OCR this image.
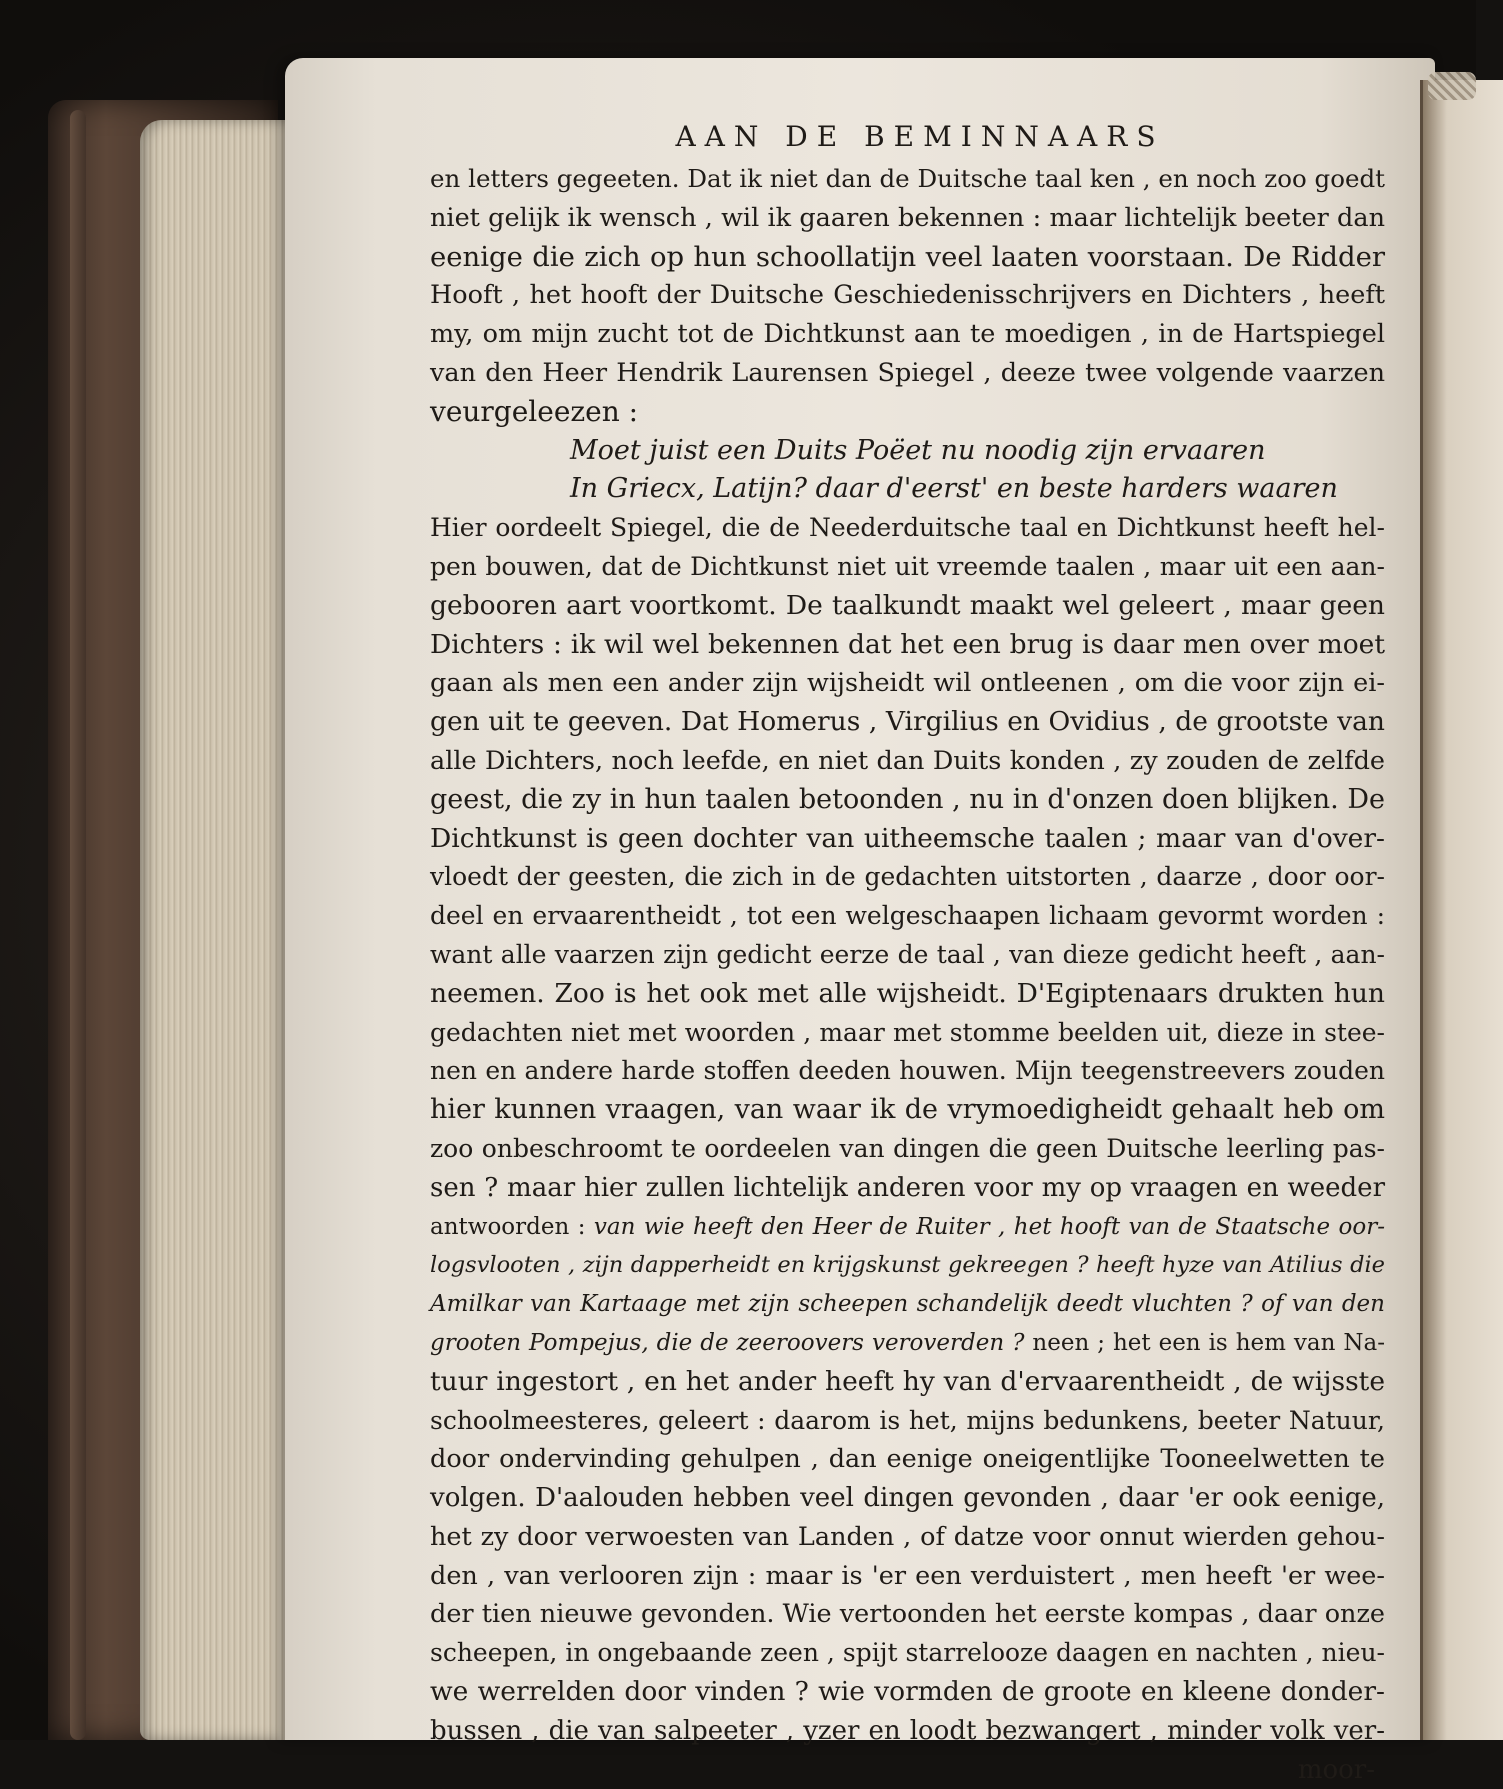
AAN DE BEMINNAARS
en letters gegeeten. Dat ik niet dan de Duitsche taal ken , en noch zoo goedt
niet gelijk ik wensch , wil ik gaaren bekennen : maar lichtelijk beeter dan
eenige die zich op hun schoollatijn veel laaten voorstaan. De Ridder
Hooft , het hooft der Duitsche Geschiedenisschrijvers en Dichters , heeft
my, om mijn zucht tot de Dichtkunst aan te moedigen , in de Hartspiegel
van den Heer Hendrik Laurensen Spiegel , deeze twee volgende vaarzen
veurgeleezen :
Moet juist een Duits Poëet nu noodig zijn ervaaren
In Griecx, Latijn? daar d'eerst' en beste harders waaren
Hier oordeelt Spiegel, die de Neederduitsche taal en Dichtkunst heeft hel-
pen bouwen, dat de Dichtkunst niet uit vreemde taalen , maar uit een aan-
gebooren aart voortkomt. De taalkundt maakt wel geleert , maar geen
Dichters : ik wil wel bekennen dat het een brug is daar men over moet
gaan als men een ander zijn wijsheidt wil ontleenen , om die voor zijn ei-
gen uit te geeven. Dat Homerus , Virgilius en Ovidius , de grootste van
alle Dichters, noch leefde, en niet dan Duits konden , zy zouden de zelfde
geest, die zy in hun taalen betoonden , nu in d'onzen doen blijken. De
Dichtkunst is geen dochter van uitheemsche taalen ; maar van d'over-
vloedt der geesten, die zich in de gedachten uitstorten , daarze , door oor-
deel en ervaarentheidt , tot een welgeschaapen lichaam gevormt worden :
want alle vaarzen zijn gedicht eerze de taal , van dieze gedicht heeft , aan-
neemen. Zoo is het ook met alle wijsheidt. D'Egiptenaars drukten hun
gedachten niet met woorden , maar met stomme beelden uit, dieze in stee-
nen en andere harde stoffen deeden houwen. Mijn teegenstreevers zouden
hier kunnen vraagen, van waar ik de vrymoedigheidt gehaalt heb om
zoo onbeschroomt te oordeelen van dingen die geen Duitsche leerling pas-
sen ? maar hier zullen lichtelijk anderen voor my op vraagen en weeder
antwoorden : van wie heeft den Heer de Ruiter , het hooft van de Staatsche oor-
logsvlooten , zijn dapperheidt en krijgskunst gekreegen ? heeft hyze van Atilius die
Amilkar van Kartaage met zijn scheepen schandelijk deedt vluchten ? of van den
grooten Pompejus, die de zeeroovers veroverden ? neen ; het een is hem van Na-
tuur ingestort , en het ander heeft hy van d'ervaarentheidt , de wijsste
schoolmeesteres, geleert : daarom is het, mijns bedunkens, beeter Natuur,
door ondervinding gehulpen , dan eenige oneigentlijke Tooneelwetten te
volgen. D'aalouden hebben veel dingen gevonden , daar 'er ook eenige,
het zy door verwoesten van Landen , of datze voor onnut wierden gehou-
den , van verlooren zijn : maar is 'er een verduistert , men heeft 'er wee-
der tien nieuwe gevonden. Wie vertoonden het eerste kompas , daar onze
scheepen, in ongebaande zeen , spijt starrelooze daagen en nachten , nieu-
we werrelden door vinden ? wie vormden de groote en kleene donder-
bussen , die van salpeeter , yzer en loodt bezwangert , minder volk ver-
moor-
